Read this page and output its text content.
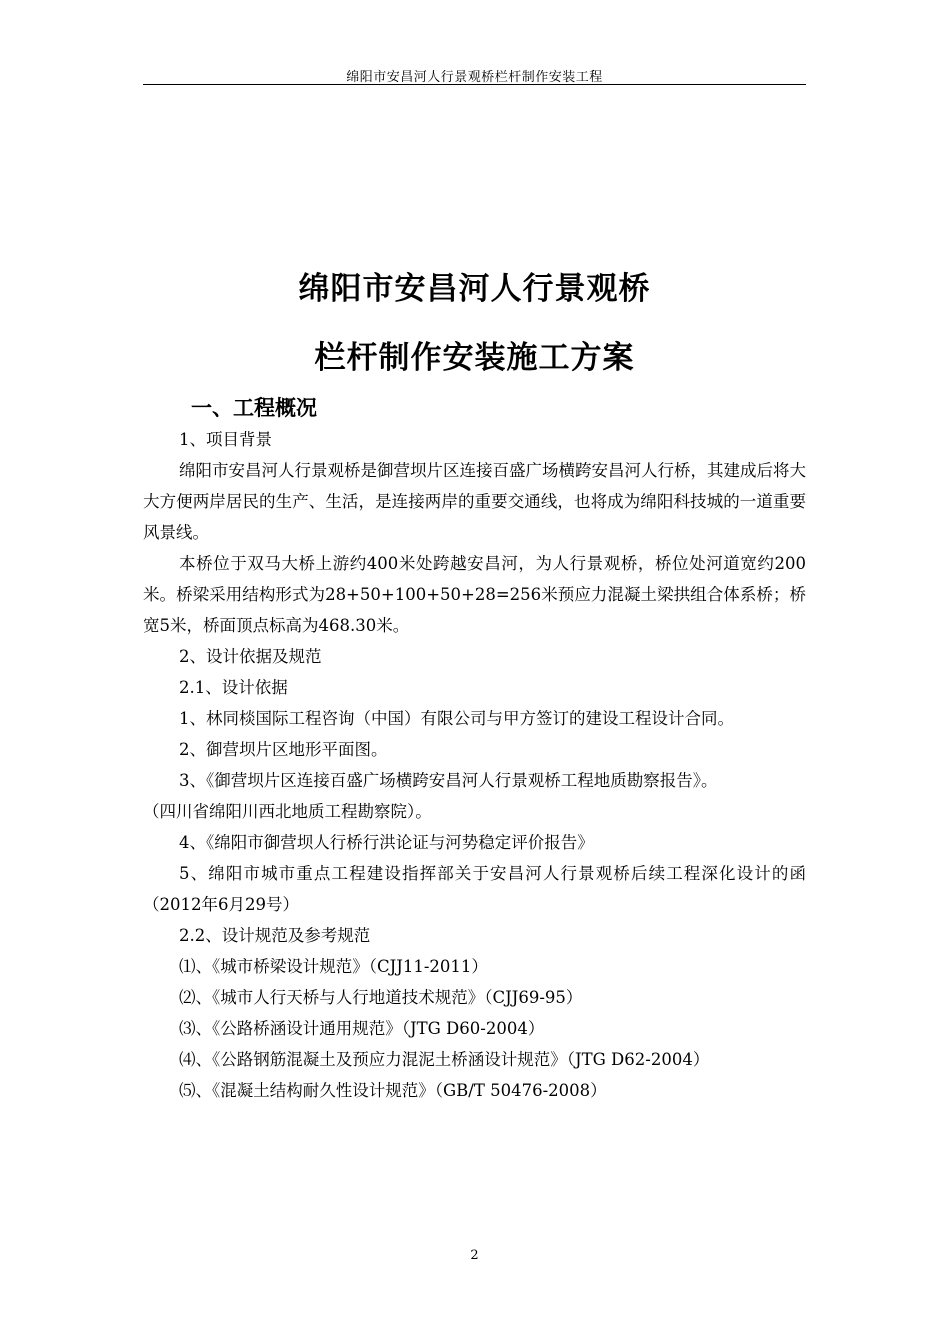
绵阳市安昌河人行景观桥栏杆制作安装工程
绵阳市安昌河人行景观桥
栏杆制作安装施工方案
一、工程概况

1、项目背景

绵阳市安昌河人行景观桥是御营坝片区连接百盛广场横跨安昌河人行桥，其建成后将大大方便两岸居民的生产、生活，是连接两岸的重要交通线，也将成为绵阳科技城的一道重要风景线。

本桥位于双马大桥上游约400米处跨越安昌河，为人行景观桥，桥位处河道宽约200米。桥梁采用结构形式为28+50+100+50+28=256米预应力混凝土梁拱组合体系桥；桥宽5米，桥面顶点标高为468.30米。

2、设计依据及规范

2.1、设计依据

1、林同棪国际工程咨询（中国）有限公司与甲方签订的建设工程设计合同。

2、御营坝片区地形平面图。

3、《御营坝片区连接百盛广场横跨安昌河人行景观桥工程地质勘察报告》。

（四川省绵阳川西北地质工程勘察院）。

4、《绵阳市御营坝人行桥行洪论证与河势稳定评价报告》

5、绵阳市城市重点工程建设指挥部关于安昌河人行景观桥后续工程深化设计的函（2012年6月29号）

2.2、设计规范及参考规范

⑴、《城市桥梁设计规范》（CJJ11-2011）

⑵、《城市人行天桥与人行地道技术规范》（CJJ69-95）

⑶、《公路桥涵设计通用规范》（JTG D60-2004）

⑷、《公路钢筋混凝土及预应力混泥土桥涵设计规范》（JTG D62-2004）

⑸、《混凝土结构耐久性设计规范》（GB/T 50476-2008）

2
